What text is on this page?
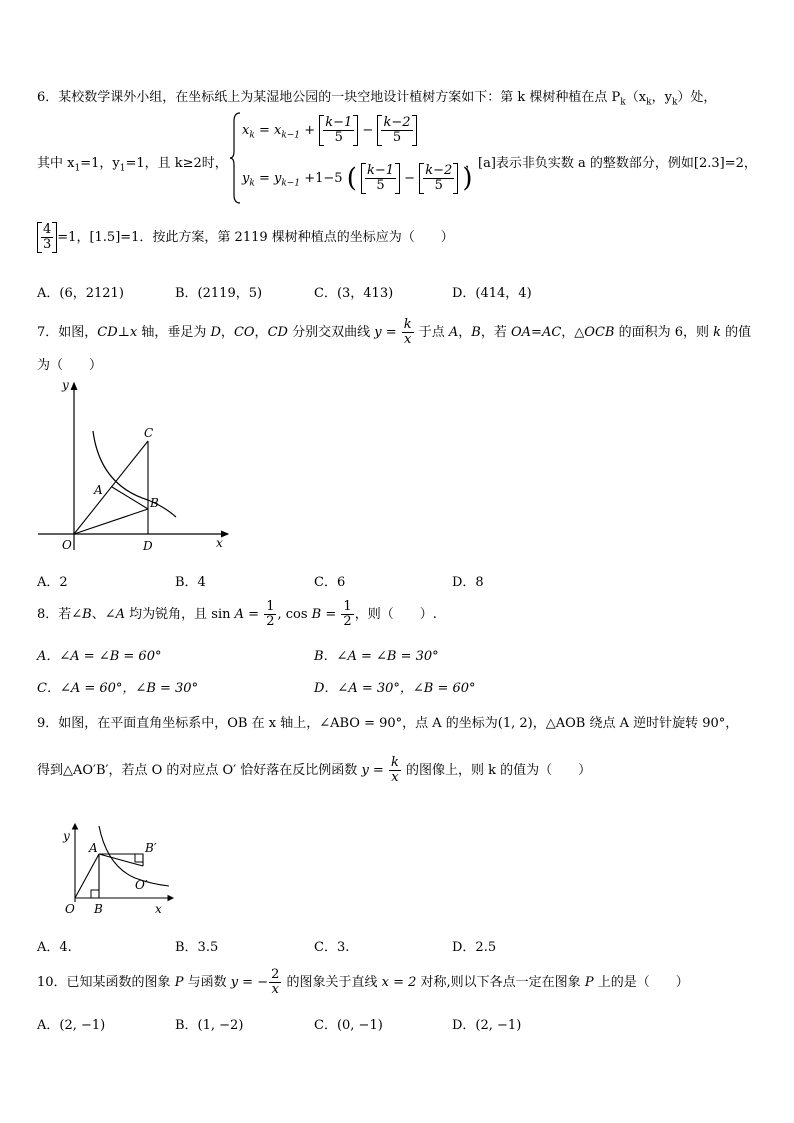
6．某校数学课外小组，在坐标纸上为某湿地公园的一块空地设计植树方案如下：第 k 棵树种植在点 $P_k(x_k$，$y_k$）处，
其中 $x_1=1$，$y_1=1$，且 k≥2时，
$x_k = x_{k-1} + \frac{k-1}{5} - \frac{k-2}{5}$
$y_k = y_{k-1} +1-5$ ( $\frac{k-1}{5} - \frac{k-2}{5}$ )
，[a]表示非负实数 a 的整数部分，例如[2.3]=2，
$\frac{4}{3} =1$，[1.5]=1．按此方案，第 2119 棵树种植点的坐标应为（　　）
A．(6，2121)	B．(2119，5)	C．(3，413)	D．(414，4)
7．如图，CD⊥x 轴，垂足为 D，CO，CD 分别交双曲线 $y = \frac{k}{x}$ 于点 A，B，若 OA=AC，△OCB 的面积为 6，则 k 的值
为（　　）
y
x
C
A
B
O	D
A．2	B．4	C．6	D．8
8．若∠B、∠A 均为锐角，且 $\sin A = \frac{1}{2}$ , $\cos B = \frac{1}{2}$ ，则（　　）.
A．∠A = ∠B = 60°	B．∠A = ∠B = 30°
C．∠A = 60°，∠B = 30°	D．∠A = 30°，∠B = 60°
9．如图，在平面直角坐标系中，OB 在 x 轴上，∠ABO = 90°，点 A 的坐标为(1, 2)，△AOB 绕点 A 逆时针旋转 90°，
得到△AO′B′，若点 O 的对应点 O′ 恰好落在反比例函数 $y = \frac{k}{x}$ 的图像上，则 k 的值为（　　）
y
A	B′
O′
O B	x
A．4.	B．3.5	C．3.	D．2.5
10．已知某函数的图象 P 与函数 y = − $\frac{2}{x}$ 的图象关于直线 x = 2 对称,则以下各点一定在图象 P 上的是（　　）
A．(2, −1)	B．(1, −2)	C．(0, −1)	D．(2, −1)
